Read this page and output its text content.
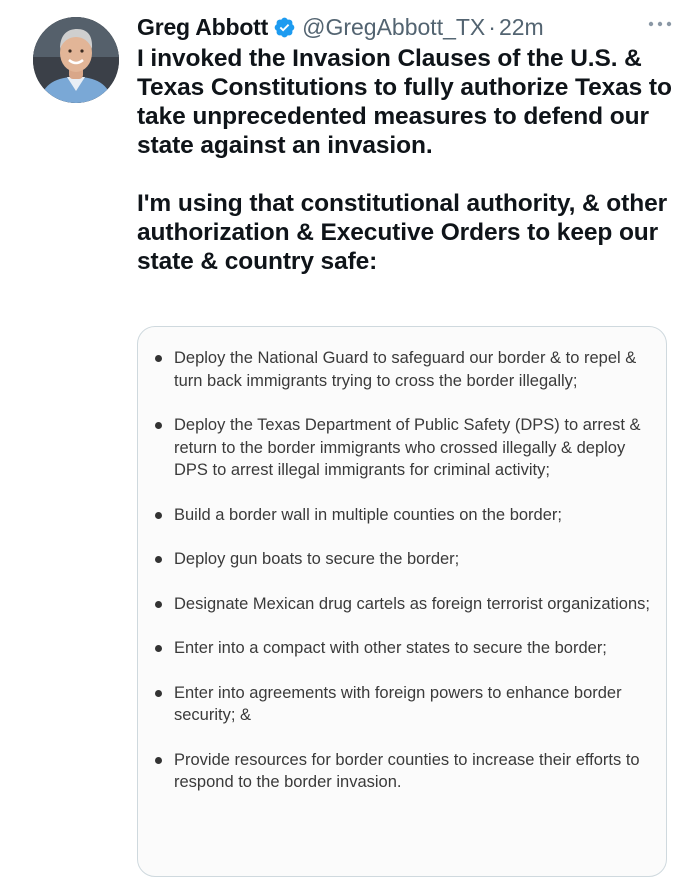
Greg Abbott @GregAbbott_TX · 22m

I invoked the Invasion Clauses of the U.S. & Texas Constitutions to fully authorize Texas to take unprecedented measures to defend our state against an invasion.

I'm using that constitutional authority, & other authorization & Executive Orders to keep our state & country safe:

Deploy the National Guard to safeguard our border & to repel & turn back immigrants trying to cross the border illegally;
Deploy the Texas Department of Public Safety (DPS) to arrest & return to the border immigrants who crossed illegally & deploy DPS to arrest illegal immigrants for criminal activity;
Build a border wall in multiple counties on the border;
Deploy gun boats to secure the border;
Designate Mexican drug cartels as foreign terrorist organizations;
Enter into a compact with other states to secure the border;
Enter into agreements with foreign powers to enhance border security; &
Provide resources for border counties to increase their efforts to respond to the border invasion.
